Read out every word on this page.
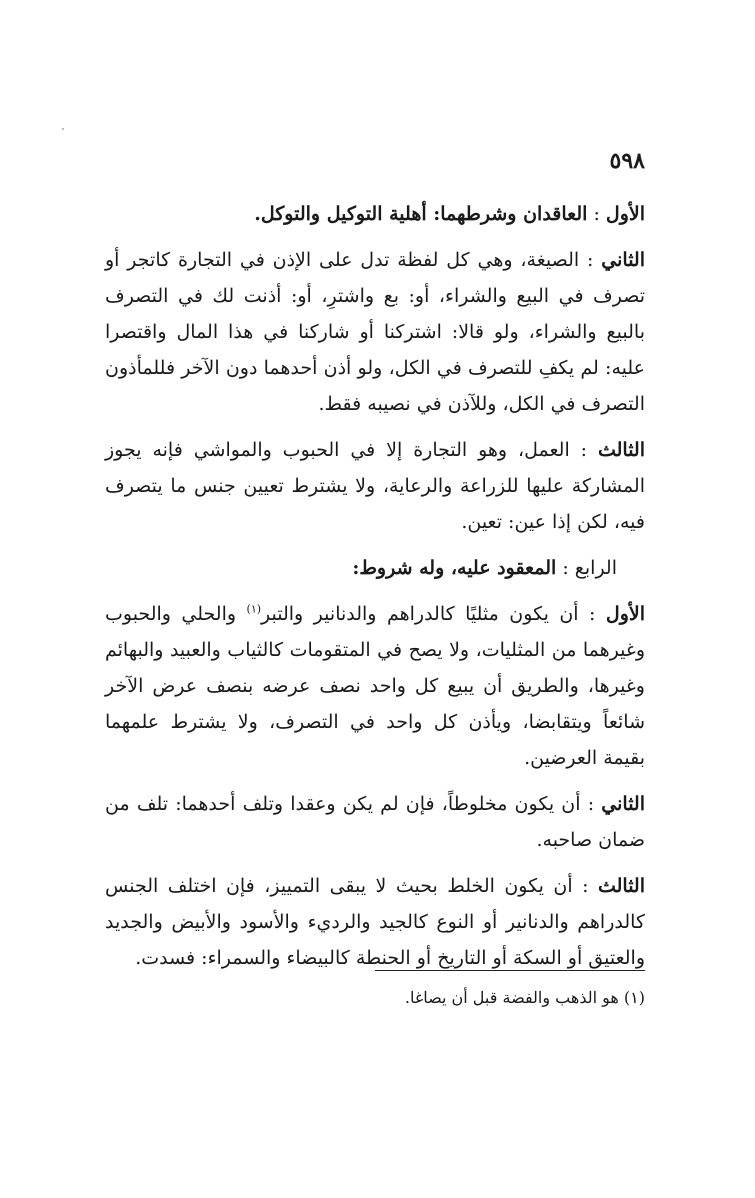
٥٩٨

الأول : العاقدان وشرطهما: أهلية التوكيل والتوكل.

الثاني : الصيغة، وهي كل لفظة تدل على الإذن في التجارة كاتجر أو تصرف في البيع والشراء، أو: بع واشترِ، أو: أذنت لك في التصرف بالبيع والشراء، ولو قالا: اشتركنا أو شاركنا في هذا المال واقتصرا عليه: لم يكفِ للتصرف في الكل، ولو أذن أحدهما دون الآخر فللمأذون التصرف في الكل، وللآذن في نصيبه فقط.

الثالث : العمل، وهو التجارة إلا في الحبوب والمواشي فإنه يجوز المشاركة عليها للزراعة والرعاية، ولا يشترط تعيين جنس ما يتصرف فيه، لكن إذا عين: تعين.

الرابع : المعقود عليه، وله شروط:

الأول : أن يكون مثليًا كالدراهم والدنانير والتبر$^{(١)}$ والحلي والحبوب وغيرهما من المثليات، ولا يصح في المتقومات كالثياب والعبيد والبهائم وغيرها، والطريق أن يبيع كل واحد نصف عرضه بنصف عرض الآخر شائعاً ويتقابضا، ويأذن كل واحد في التصرف، ولا يشترط علمهما بقيمة العرضين.

الثاني : أن يكون مخلوطاً، فإن لم يكن وعقدا وتلف أحدهما: تلف من ضمان صاحبه.

الثالث : أن يكون الخلط بحيث لا يبقى التمييز، فإن اختلف الجنس كالدراهم والدنانير أو النوع كالجيد والرديء والأسود والأبيض والجديد والعتيق أو السكة أو التاريخ أو الحنطة كالبيضاء والسمراء: فسدت.

(١) هو الذهب والفضة قبل أن يصاغا.
